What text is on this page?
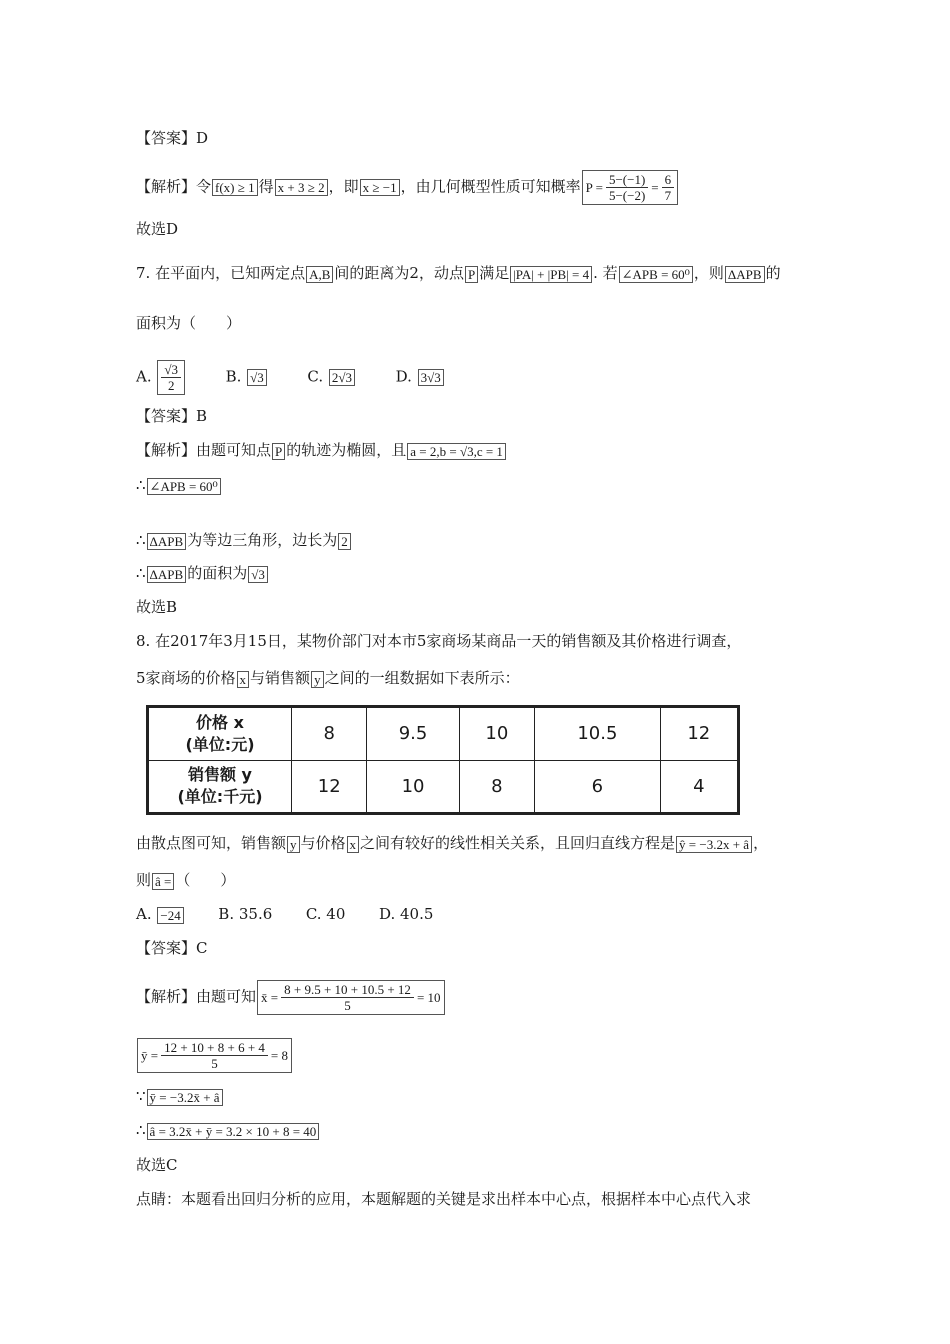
【答案】D
【解析】令 f(x) ≥ 1 得 x + 3 ≥ 2 ，即 x ≥ −1 ，由几何概型性质可知概率 $P = \frac{5-(-1)}{5-(-2)} = \frac{6}{7}$
故选D
7. 在平面内，已知两定点 A,B 间的距离为2，动点 P 满足 |PA| + |PB| = 4 . 若 ∠APB = 60⁰ ，则 ΔAPB 的
面积为（　　）
A. $\frac{√3}{2}$	B. √3	C. 2√3	D. 3√3
【答案】B
【解析】由题可知点 P 的轨迹为椭圆，且 a = 2,b = √3,c = 1
∴ ∠APB = 60⁰
∴ ΔAPB 为等边三角形，边长为 2
∴ ΔAPB 的面积为 √3
故选B
8. 在2017年3月15日，某物价部门对本市5家商场某商品一天的销售额及其价格进行调查，
5家商场的价格 x 与销售额 y 之间的一组数据如下表所示：
价格 x
(单位:元)	8	9.5	10	10.5	12

销售额 y
(单位:千元)	12	10	8	6	4
由散点图可知，销售额 y 与价格 x 之间有较好的线性相关关系，且回归直线方程是 ŷ = −3.2x + â ，
则 â = （　　）
A. −24	B. 35.6 C. 40 D. 40.5
【答案】C
【解析】由题可知 x̄ = $\frac{8 + 9.5 + 10 + 10.5 + 12}{5} = 10$
ȳ = $\frac{12 + 10 + 8 + 6 + 4}{5} = 8$
∵ ȳ = −3.2x̄ + â
∴ â = 3.2x̄ + ȳ = 3.2 × 10 + 8 = 40
故选C
点睛：本题看出回归分析的应用，本题解题的关键是求出样本中心点，根据样本中心点代入求
